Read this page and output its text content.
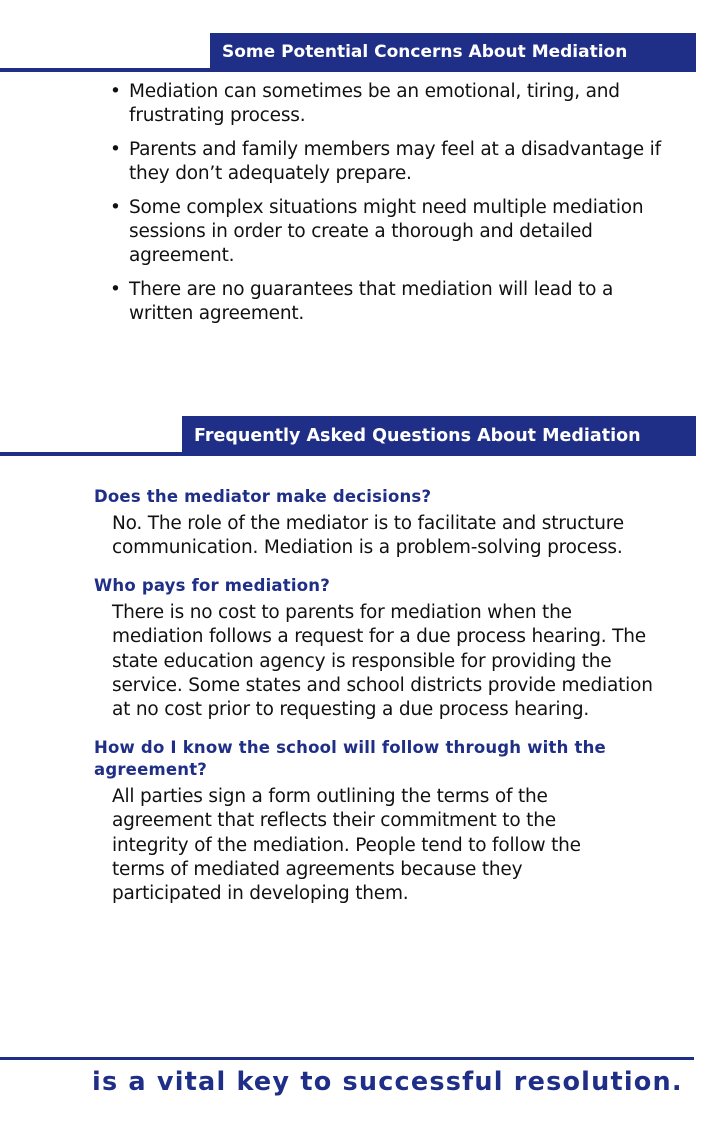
Some Potential Concerns About Mediation
• Mediation can sometimes be an emotional, tiring, and frustrating process.
• Parents and family members may feel at a disadvantage if they don’t adequately prepare.
• Some complex situations might need multiple mediation sessions in order to create a thorough and detailed agreement.
• There are no guarantees that mediation will lead to a written agreement.
Frequently Asked Questions About Mediation

Does the mediator make decisions?

No. The role of the mediator is to facilitate and structure communication. Mediation is a problem-solving process.

Who pays for mediation?

There is no cost to parents for mediation when the mediation follows a request for a due process hearing. The state education agency is responsible for providing the service. Some states and school districts provide mediation at no cost prior to requesting a due process hearing.

How do I know the school will follow through with the agreement?

All parties sign a form outlining the terms of the agreement that reflects their commitment to the integrity of the mediation. People tend to follow the terms of mediated agreements because they participated in developing them.

is a vital key to successful resolution.
